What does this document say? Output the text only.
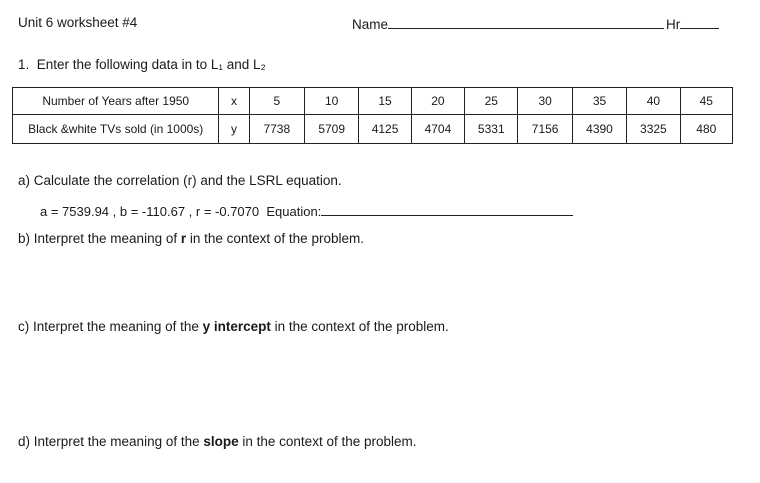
Unit 6 worksheet #4	Name	Hr
1. Enter the following data in to L₁ and L₂
Number of Years after 1950	x	5	10	15	20	25	30	35	40	45
Black &white TVs sold (in 1000s)	y	7738	5709	4125	4704	5331	7156	4390	3325	480
a) Calculate the correlation (r) and the LSRL equation.
a = 7539.94 , b = -110.67 , r = -0.7070 Equation:
b) Interpret the meaning of r in the context of the problem.
c) Interpret the meaning of the y intercept in the context of the problem.
d) Interpret the meaning of the slope in the context of the problem.
